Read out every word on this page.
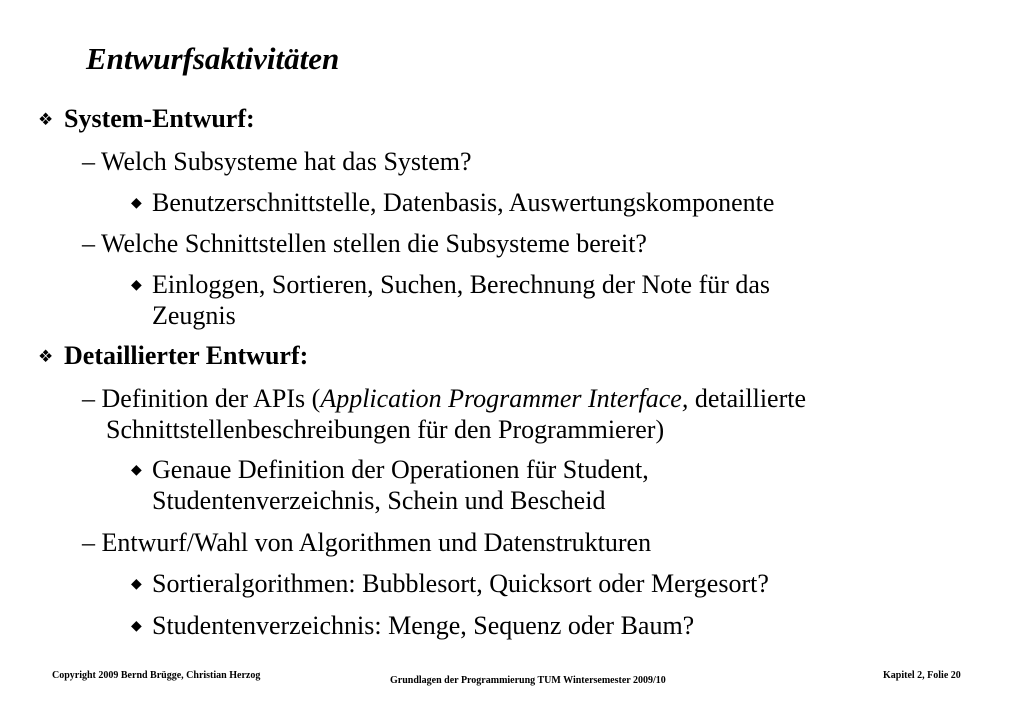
Entwurfsaktivitäten
❖ System-Entwurf:
– Welch Subsysteme hat das System?
◆ Benutzerschnittstelle, Datenbasis, Auswertungskomponente
– Welche Schnittstellen stellen die Subsysteme bereit?
◆ Einloggen, Sortieren, Suchen, Berechnung der Note für das
Zeugnis
❖ Detaillierter Entwurf:
– Definition der APIs (Application Programmer Interface, detaillierte
Schnittstellenbeschreibungen für den Programmierer)
◆ Genaue Definition der Operationen für Student,
Studentenverzeichnis, Schein und Bescheid
– Entwurf/Wahl von Algorithmen und Datenstrukturen
◆ Sortieralgorithmen: Bubblesort, Quicksort oder Mergesort?
◆ Studentenverzeichnis: Menge, Sequenz oder Baum?
Copyright 2009 Bernd Brügge, Christian Herzog	Grundlagen der Programmierung TUM Wintersemester 2009/10	Kapitel 2, Folie 20
